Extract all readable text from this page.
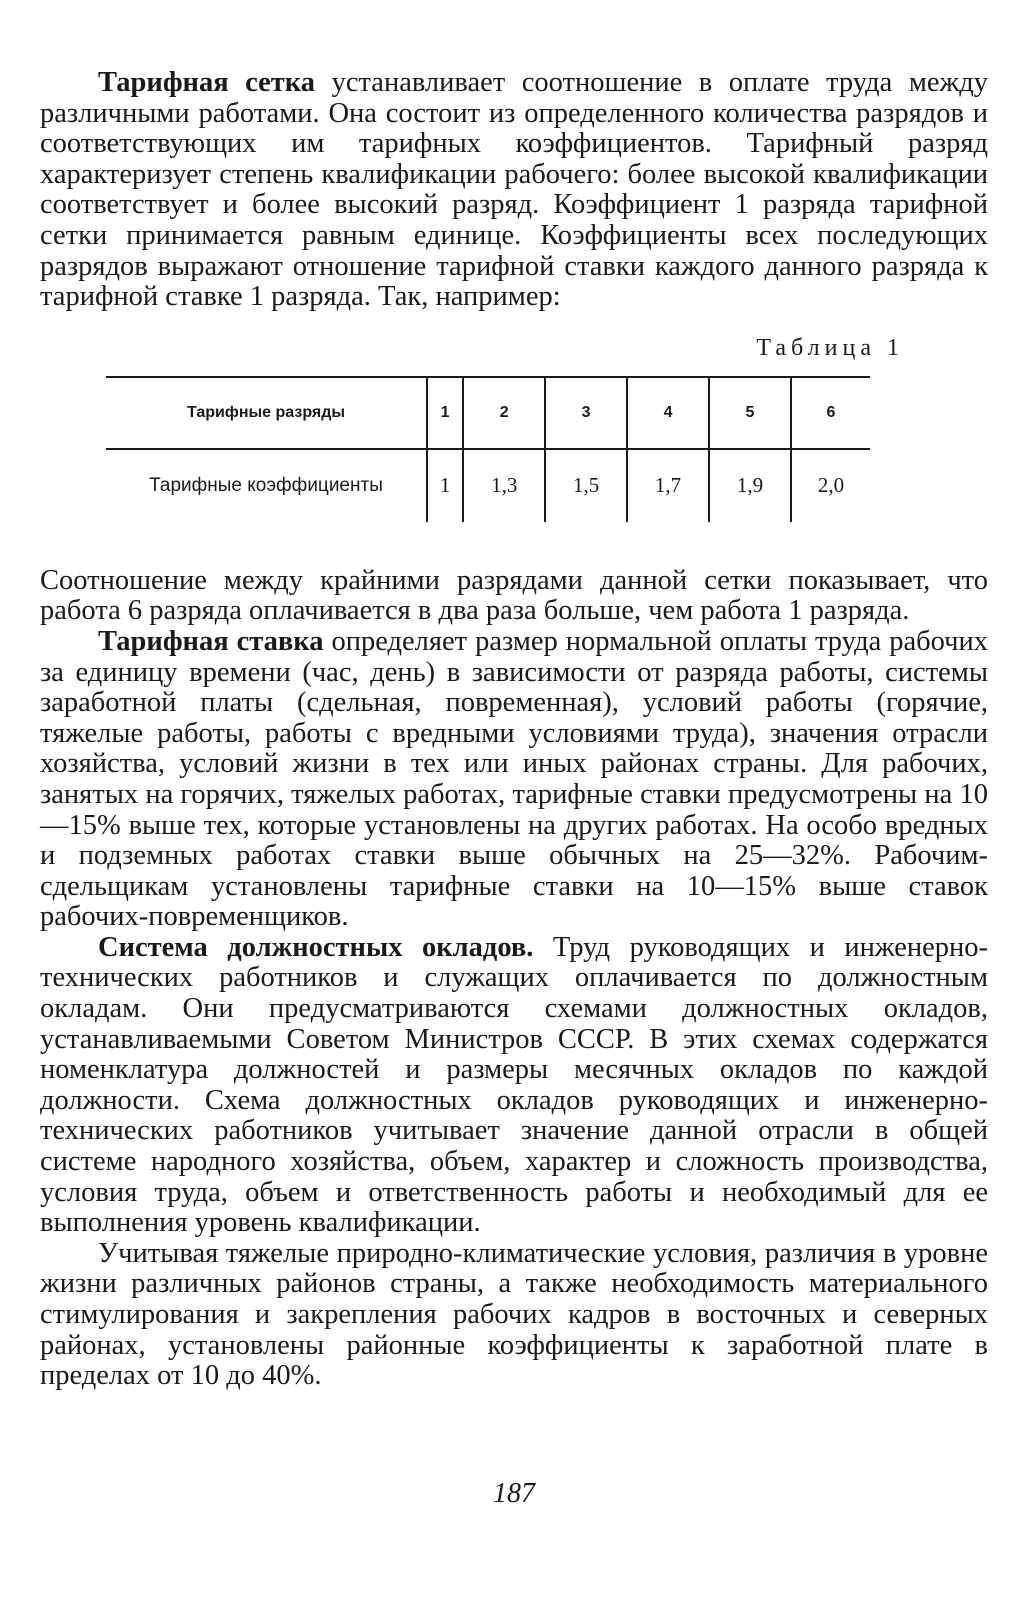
Тарифная сетка устанавливает соотношение в оплате труда между различными работами. Она состоит из определенного количества разрядов и соответствующих им тарифных коэффициентов. Тарифный разряд характеризует степень квалификации рабочего: более высокой квалификации соответствует и более высокий разряд. Коэффициент 1 разряда тарифной сетки принимается равным единице. Коэффициенты всех последующих разрядов выражают отношение тарифной ставки каждого данного разряда к тарифной ставке 1 разряда. Так, например:

Таблица 1
Тарифные разряды	1	2	3	4	5	6
Тарифные коэффициенты	1	1,3	1,5	1,7	1,9	2,0

Соотношение между крайними разрядами данной сетки показывает, что работа 6 разряда оплачивается в два раза больше, чем работа 1 разряда.

Тарифная ставка определяет размер нормальной оплаты труда рабочих за единицу времени (час, день) в зависимости от разряда работы, системы заработной платы (сдельная, повременная), условий работы (горячие, тяжелые работы, работы с вредными условиями труда), значения отрасли хозяйства, условий жизни в тех или иных районах страны. Для рабочих, занятых на горячих, тяжелых работах, тарифные ставки предусмотрены на 10—15% выше тех, которые установлены на других работах. На особо вредных и подземных работах ставки выше обычных на 25—32%. Рабочим-сдельщикам установлены тарифные ставки на 10—15% выше ставок рабочих-повременщиков.

Система должностных окладов. Труд руководящих и инженерно-технических работников и служащих оплачивается по должностным окладам. Они предусматриваются схемами должностных окладов, устанавливаемыми Советом Министров СССР. В этих схемах содержатся номенклатура должностей и размеры месячных окладов по каждой должности. Схема должностных окладов руководящих и инженерно-технических работников учитывает значение данной отрасли в общей системе народного хозяйства, объем, характер и сложность производства, условия труда, объем и ответственность работы и необходимый для ее выполнения уровень квалификации.

Учитывая тяжелые природно-климатические условия, различия в уровне жизни различных районов страны, а также необходимость материального стимулирования и закрепления рабочих кадров в восточных и северных районах, установлены районные коэффициенты к заработной плате в пределах от 10 до 40%.

187
